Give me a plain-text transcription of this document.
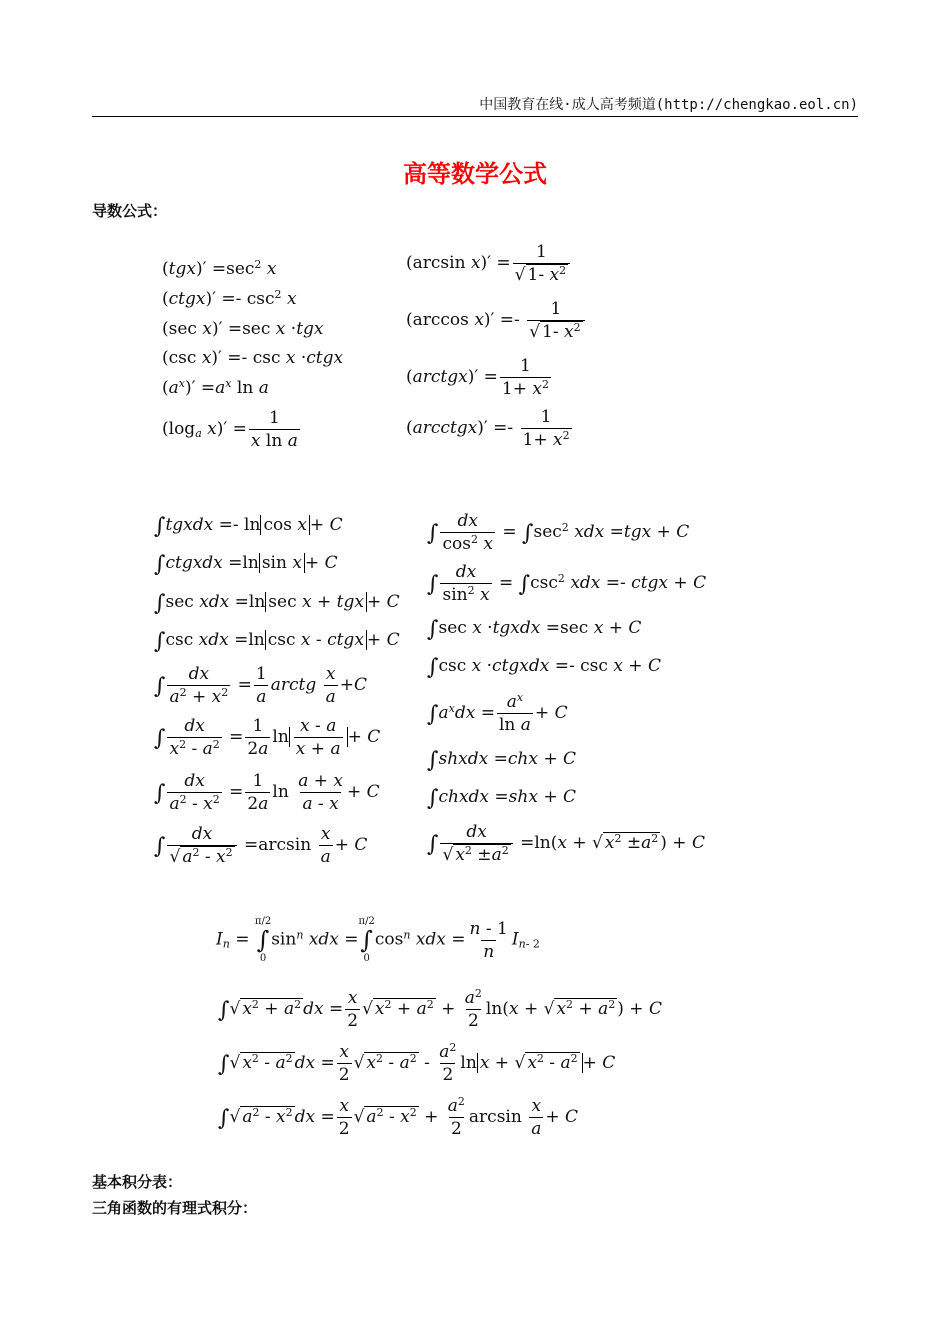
中国教育在线·成人高考频道(http://chengkao.eol.cn)
高等数学公式
导数公式：
$(tgx)' =\sec^2$ x
(ctgx)′ =- $\csc^2 x$
(sec x)′ =sec x ·tgx
(csc x)′ =- csc x ·ctgx
$(a^x)' =a^x$ ln a
($\log_a$ $x)' = \frac{1}{\text{x ln a}}$
(arcsin $x)' = \frac{1}{√ 1- x^2}$
(arccos $x)' =- \frac{1}{√ 1- x^2}$
(arctgx)′ = $\frac{1}{1+ x^2}$
(arcctgx)′ =- $\frac{1}{1+ x^2}$
∫tgxdx =- ln cos x + C
∫ctgxdx =ln sin x + C
∫sec xdx =ln sec x + tgx + C
∫csc xdx =ln csc x - ctgx + C
∫ $\frac{dx}{a^2 + x^2} = \frac{1}{a}$ arctg $\frac{x}{a} +C$
∫ $\frac{dx}{x^2 - a^2} = \frac{1}{2a}$ $\ln \frac{x - a}{x + a} + C$
∫ $\frac{dx}{a^2 - x^2} = \frac{1}{2a}$ $\ln \frac{a + x}{a - x} + C$
∫ $\frac{dx}{√ a^2 - x^2} =\arcsin \frac{x}{a} + C$
∫ $\frac{dx}{\cos^2 x} = \int\sec^2$ xdx =tgx + C
∫ $\frac{dx}{\sin^2 x} = \int\csc^2$ xdx =- ctgx + C
∫sec x ·tgxdx =sec x + C
∫csc x ·ctgxdx =- csc x + C
$\int a^xdx = \frac{a^x}{\text{ln a}} + C$
∫shxdx =chx + C
∫chxdx =shx + C
∫ $\frac{dx}{√ x^2 \pm a^2} =\ln(x$ + √ $x^2 \pm a^2$ ) + C
$I_n$ =
π/2
∫
0
$\sin^n$ xdx =
π/2
∫
0
$\cos^n$ xdx = $\frac{n - 1}{n} I_{n- 2}$
∫√ $x^2 + a^2$ dx = $\frac{x}{2}$ √ $x^2 + a^2 + \frac{a^2}{2} \ln(x$ + √ $x^2 + a^2$ ) + C
∫√ $x^2 - a^2$ dx = $\frac{x}{2}$ √ $x^2 - a^2 - \frac{a^2}{2}$ ln x + √ $x^2 - a^2 + C$
∫√ $a^2 - x^2$ dx = $\frac{x}{2}$ √ $a^2 - x^2 + \frac{a^2}{2}$ $\arcsin \frac{x}{a} + C$
基本积分表：
三角函数的有理式积分：
